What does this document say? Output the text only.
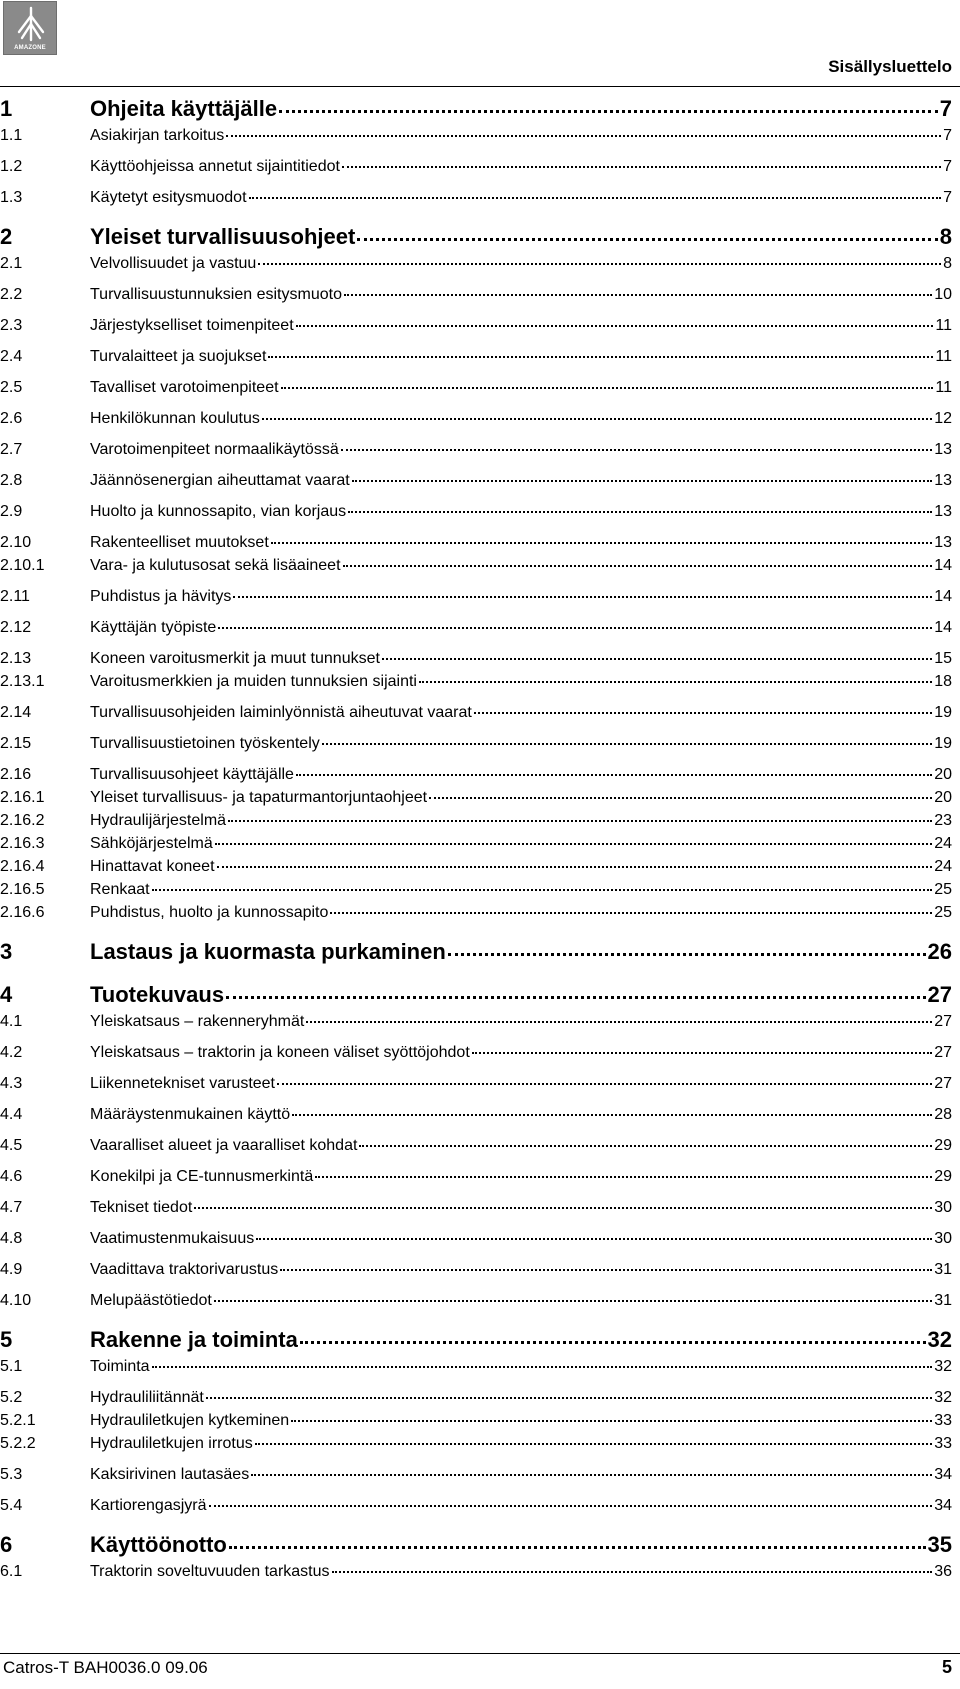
AMAZONE
Sisällysluettelo
1	Ohjeita käyttäjälle	7
1.1	Asiakirjan tarkoitus	7
1.2	Käyttöohjeissa annetut sijaintitiedot	7
1.3	Käytetyt esitysmuodot	7
2	Yleiset turvallisuusohjeet	8
2.1	Velvollisuudet ja vastuu	8
2.2	Turvallisuustunnuksien esitysmuoto	10
2.3	Järjestykselliset toimenpiteet	11
2.4	Turvalaitteet ja suojukset	11
2.5	Tavalliset varotoimenpiteet	11
2.6	Henkilökunnan koulutus	12
2.7	Varotoimenpiteet normaalikäytössä	13
2.8	Jäännösenergian aiheuttamat vaarat	13
2.9	Huolto ja kunnossapito, vian korjaus	13
2.10	Rakenteelliset muutokset	13
2.10.1	Vara- ja kulutusosat sekä lisäaineet	14
2.11	Puhdistus ja hävitys	14
2.12	Käyttäjän työpiste	14
2.13	Koneen varoitusmerkit ja muut tunnukset	15
2.13.1	Varoitusmerkkien ja muiden tunnuksien sijainti	18
2.14	Turvallisuusohjeiden laiminlyönnistä aiheutuvat vaarat	19
2.15	Turvallisuustietoinen työskentely	19
2.16	Turvallisuusohjeet käyttäjälle	20
2.16.1	Yleiset turvallisuus- ja tapaturmantorjuntaohjeet	20
2.16.2	Hydraulijärjestelmä	23
2.16.3	Sähköjärjestelmä	24
2.16.4	Hinattavat koneet	24
2.16.5	Renkaat	25
2.16.6	Puhdistus, huolto ja kunnossapito	25
3	Lastaus ja kuormasta purkaminen	26
4	Tuotekuvaus	27
4.1	Yleiskatsaus – rakenneryhmät	27
4.2	Yleiskatsaus – traktorin ja koneen väliset syöttöjohdot	27
4.3	Liikennetekniset varusteet	27
4.4	Määräystenmukainen käyttö	28
4.5	Vaaralliset alueet ja vaaralliset kohdat	29
4.6	Konekilpi ja CE-tunnusmerkintä	29
4.7	Tekniset tiedot	30
4.8	Vaatimustenmukaisuus	30
4.9	Vaadittava traktorivarustus	31
4.10	Melupäästötiedot	31
5	Rakenne ja toiminta	32
5.1	Toiminta	32
5.2	Hydrauliliitännät	32
5.2.1	Hydrauliletkujen kytkeminen	33
5.2.2	Hydrauliletkujen irrotus	33
5.3	Kaksirivinen lautasäes	34
5.4	Kartiorengasjyrä	34
6	Käyttöönotto	35
6.1	Traktorin soveltuvuuden tarkastus	36
Catros-T BAH0036.0 09.06	5
